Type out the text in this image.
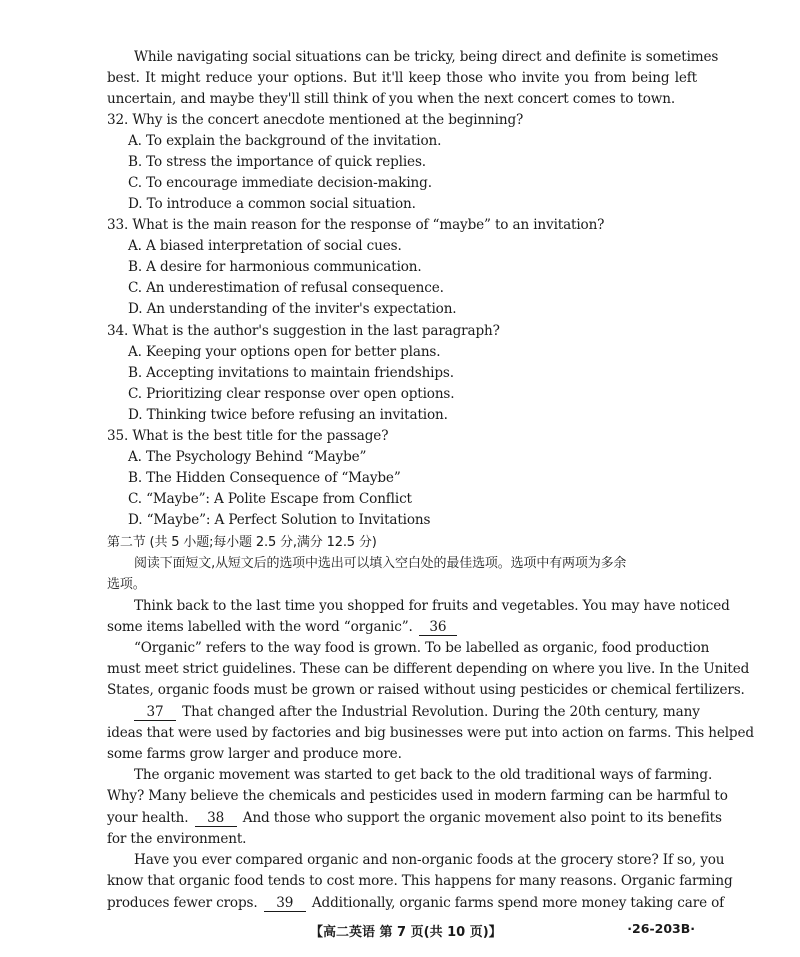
While navigating social situations can be tricky, being direct and definite is sometimes
best. It might reduce your options. But it'll keep those who invite you from being left
uncertain, and maybe they'll still think of you when the next concert comes to town.
32. Why is the concert anecdote mentioned at the beginning?
A. To explain the background of the invitation.
B. To stress the importance of quick replies.
C. To encourage immediate decision-making.
D. To introduce a common social situation.
33. What is the main reason for the response of “maybe” to an invitation?
A. A biased interpretation of social cues.
B. A desire for harmonious communication.
C. An underestimation of refusal consequence.
D. An understanding of the inviter's expectation.
34. What is the author's suggestion in the last paragraph?
A. Keeping your options open for better plans.
B. Accepting invitations to maintain friendships.
C. Prioritizing clear response over open options.
D. Thinking twice before refusing an invitation.
35. What is the best title for the passage?
A. The Psychology Behind “Maybe”
B. The Hidden Consequence of “Maybe”
C. “Maybe”: A Polite Escape from Conflict
D. “Maybe”: A Perfect Solution to Invitations
第二节 (共 5 小题;每小题 2.5 分,满分 12.5 分)
阅读下面短文,从短文后的选项中选出可以填入空白处的最佳选项。选项中有两项为多余
选项。
Think back to the last time you shopped for fruits and vegetables. You may have noticed
some items labelled with the word “organic”. 36
“Organic” refers to the way food is grown. To be labelled as organic, food production
must meet strict guidelines. These can be different depending on where you live. In the United
States, organic foods must be grown or raised without using pesticides or chemical fertilizers.
37 That changed after the Industrial Revolution. During the 20th century, many
ideas that were used by factories and big businesses were put into action on farms. This helped
some farms grow larger and produce more.
The organic movement was started to get back to the old traditional ways of farming.
Why? Many believe the chemicals and pesticides used in modern farming can be harmful to
your health. 38 And those who support the organic movement also point to its benefits
for the environment.
Have you ever compared organic and non-organic foods at the grocery store? If so, you
know that organic food tends to cost more. This happens for many reasons. Organic farming
produces fewer crops. 39 Additionally, organic farms spend more money taking care of
【高二英语 第 7 页(共 10 页)】	·26-203B·
